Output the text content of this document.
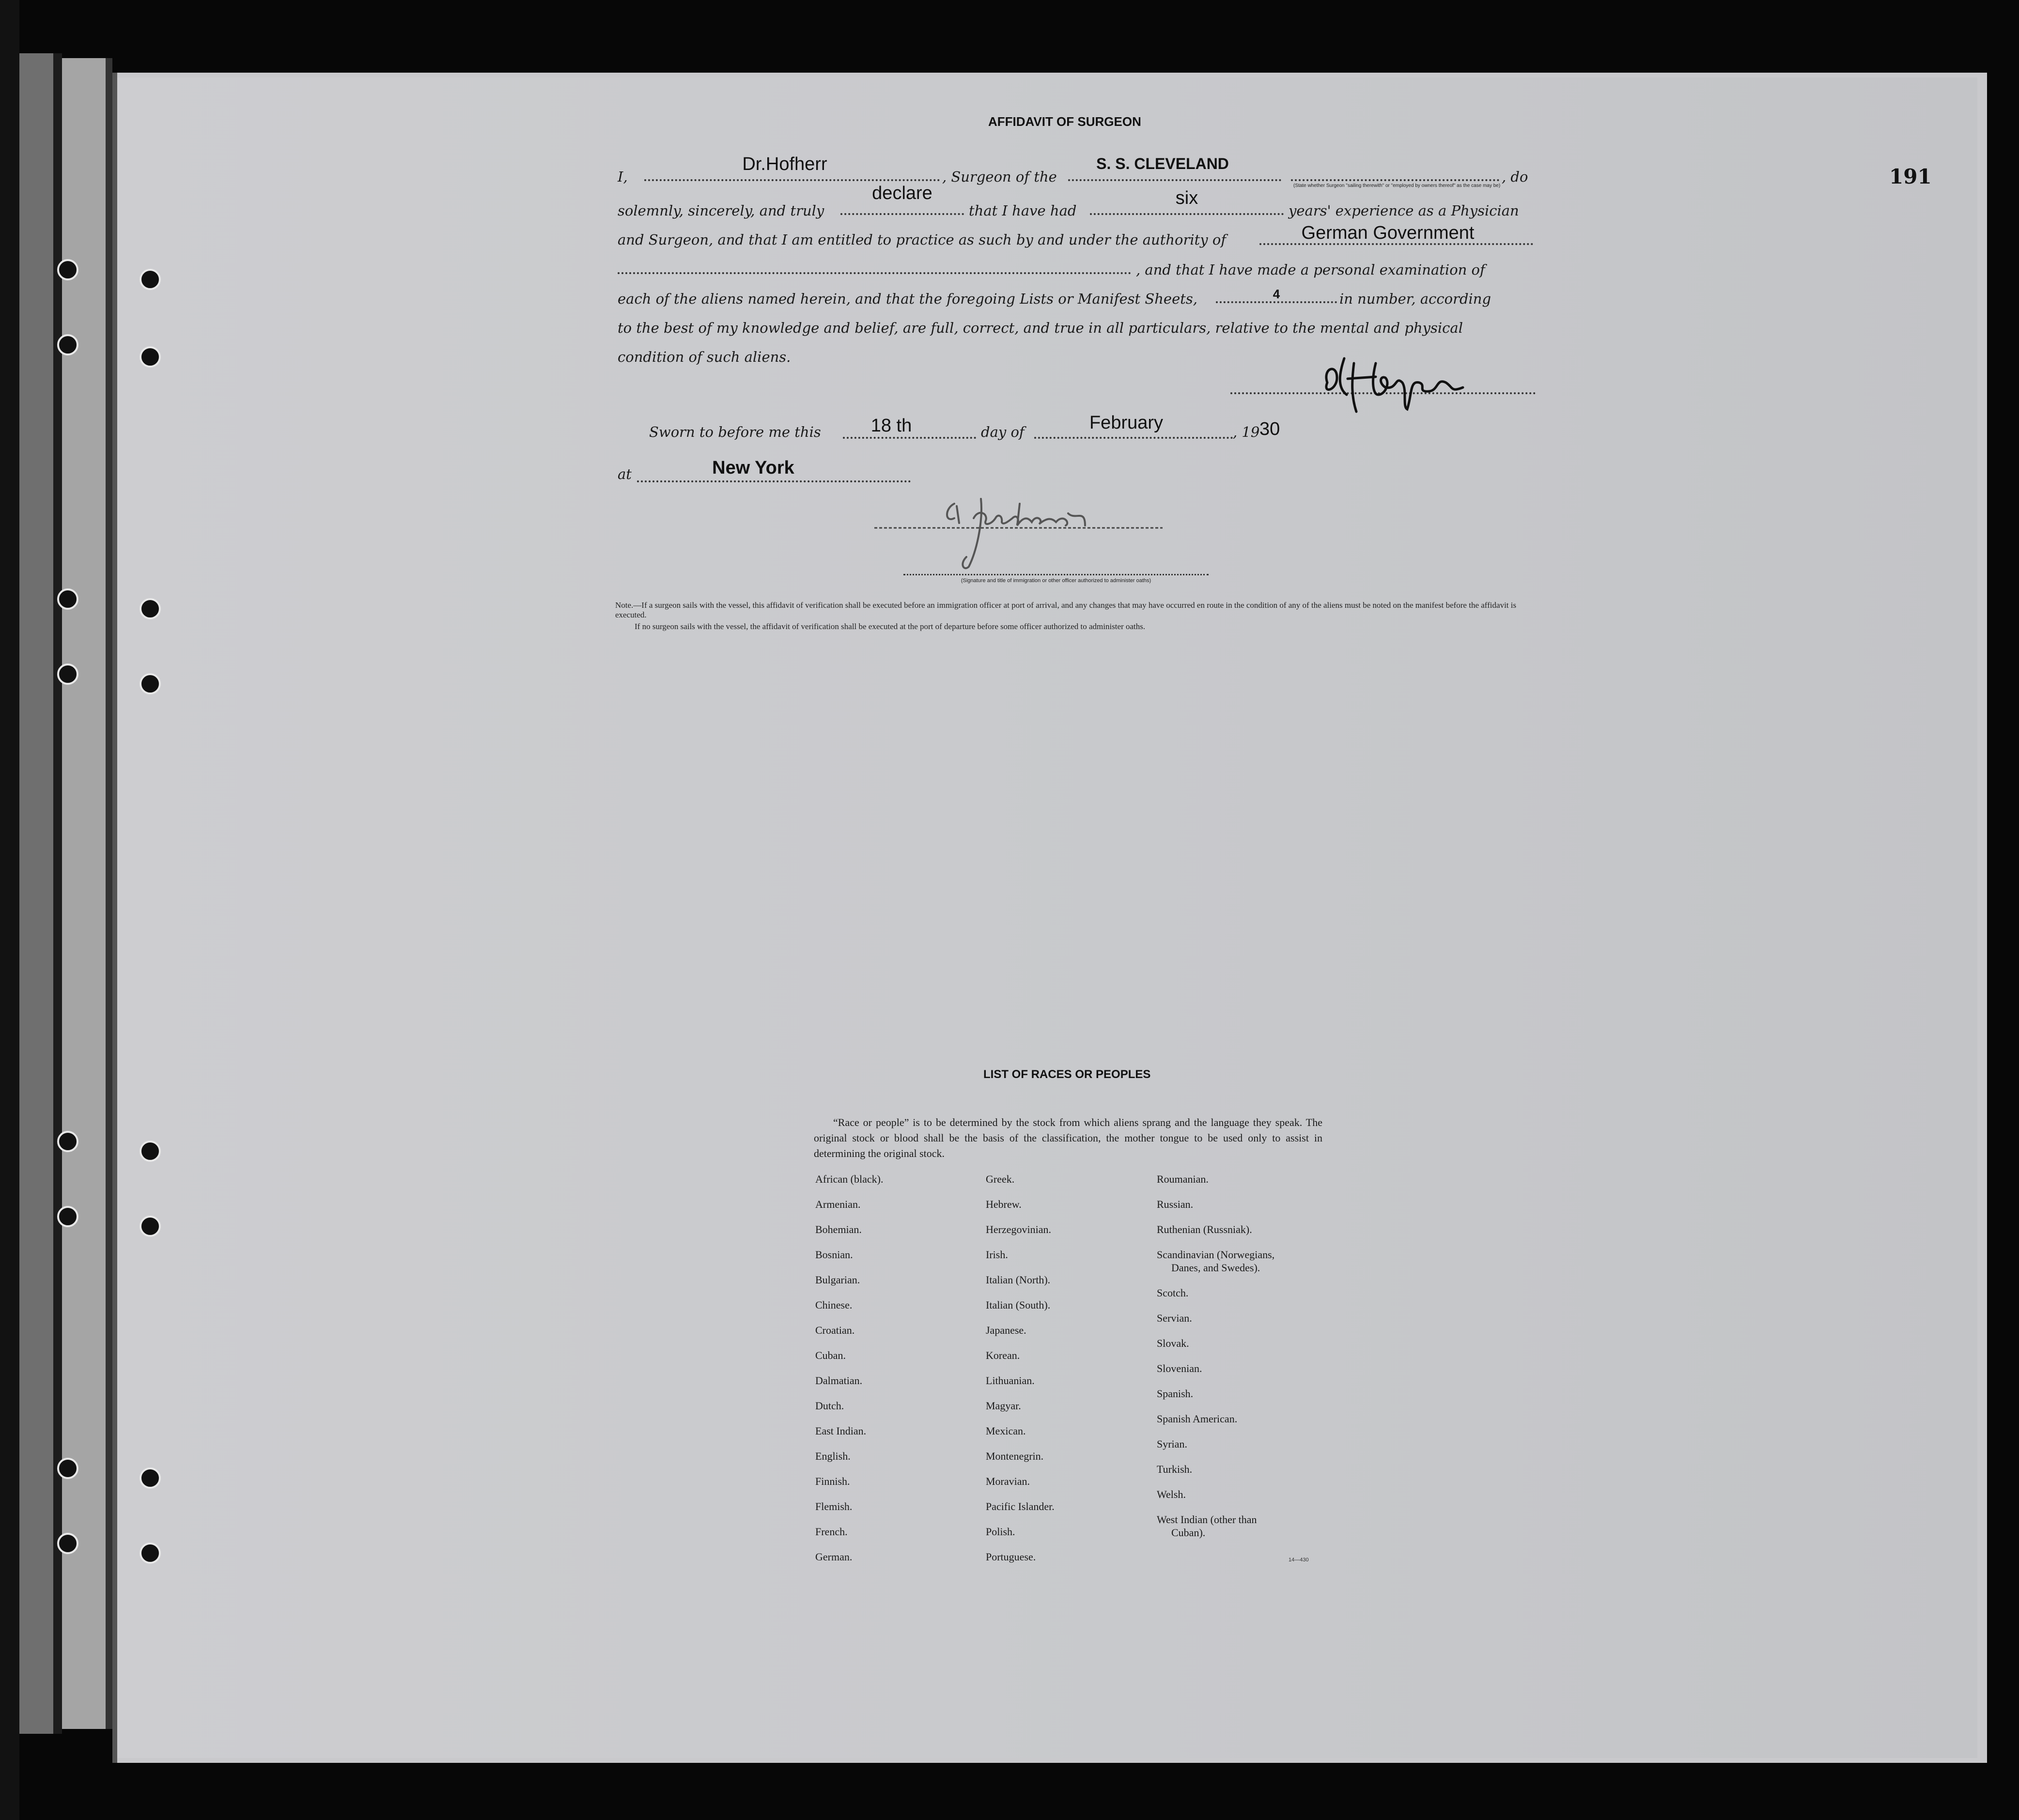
191
AFFIDAVIT OF SURGEON
I,
Dr.Hofherr
, Surgeon of the
S. S. CLEVELAND
(State whether Surgeon "sailing therewith" or "employed by owners thereof" as the case may be)
, do
solemnly, sincerely, and truly
declare
that I have had
six
years' experience as a Physician
and Surgeon, and that I am entitled to practice as such by and under the authority of	German Government
, and that I have made a personal examination of
each of the aliens named herein, and that the foregoing Lists or Manifest Sheets,	4	in number, according
to the best of my knowledge and belief, are full, correct, and true in all particulars, relative to the mental and physical
condition of such aliens.
Sworn to before me this	18 th	day of	February	, 19 30
at	New York
(Signature and title of immigration or other officer authorized to administer oaths)
Note.—If a surgeon sails with the vessel, this affidavit of verification shall be executed before an immigration officer at port of arrival, and any changes that may have occurred en route in the condition of any of the aliens must be noted on the manifest before the affidavit is executed.
If no surgeon sails with the vessel, the affidavit of verification shall be executed at the port of departure before some officer authorized to administer oaths.
LIST OF RACES OR PEOPLES
“Race or people” is to be determined by the stock from which aliens sprang and the language they speak. The original stock or blood shall be the basis of the classification, the mother tongue to be used only to assist in determining the original stock.
African (black).
Armenian.
Bohemian.
Bosnian.
Bulgarian.
Chinese.
Croatian.
Cuban.
Dalmatian.
Dutch.
East Indian.
English.
Finnish.
Flemish.
French.
German.
Greek.
Hebrew.
Herzegovinian.
Irish.
Italian (North).
Italian (South).
Japanese.
Korean.
Lithuanian.
Magyar.
Mexican.
Montenegrin.
Moravian.
Pacific Islander.
Polish.
Portuguese.
Roumanian.
Russian.
Ruthenian (Russniak).
Scandinavian (Norwegians,
Danes, and Swedes).
Scotch.
Servian.
Slovak.
Slovenian.
Spanish.
Spanish American.
Syrian.
Turkish.
Welsh.
West Indian (other than
Cuban).
14—430
